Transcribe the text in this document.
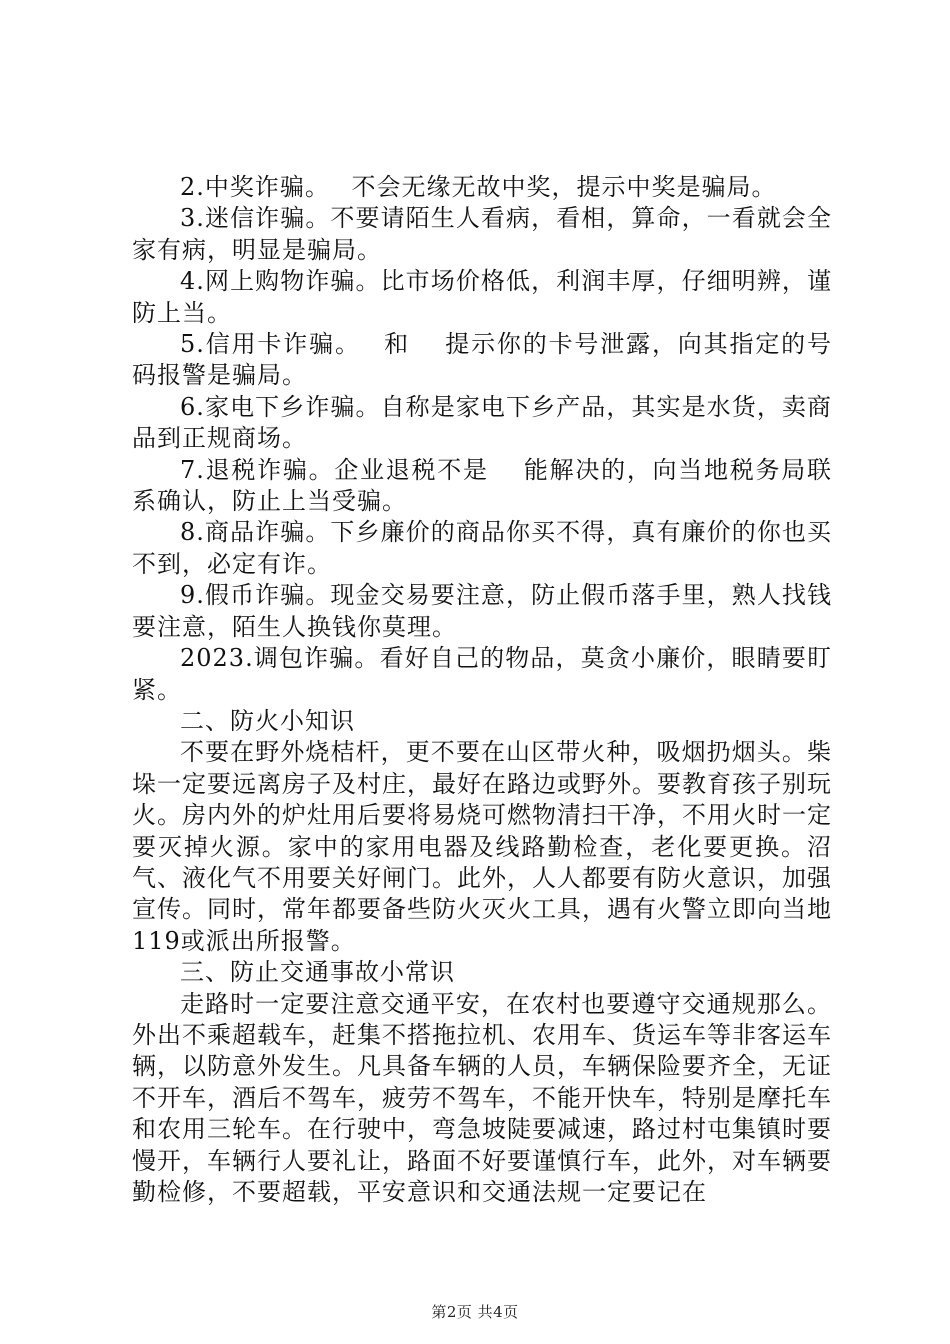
2.中奖诈骗。　 不会无缘无故中奖，提示中奖是骗局。

3.迷信诈骗。不要请陌生人看病，看相，算命，一看就会全家有病，明显是骗局。

4.网上购物诈骗。比市场价格低，利润丰厚，仔细明辨，谨防上当。

5.信用卡诈骗。　 和　 提示你的卡号泄露，向其指定的号码报警是骗局。

6.家电下乡诈骗。自称是家电下乡产品，其实是水货，卖商品到正规商场。

7.退税诈骗。企业退税不是　 能解决的，向当地税务局联系确认，防止上当受骗。

8.商品诈骗。下乡廉价的商品你买不得，真有廉价的你也买不到，必定有诈。

9.假币诈骗。现金交易要注意，防止假币落手里，熟人找钱要注意，陌生人换钱你莫理。

2023.调包诈骗。看好自己的物品，莫贪小廉价，眼睛要盯紧。

二、防火小知识

不要在野外烧桔杆，更不要在山区带火种，吸烟扔烟头。柴垛一定要远离房子及村庄，最好在路边或野外。要教育孩子别玩火。房内外的炉灶用后要将易烧可燃物清扫干净，不用火时一定要灭掉火源。家中的家用电器及线路勤检查，老化要更换。沼气、液化气不用要关好闸门。此外，人人都要有防火意识，加强宣传。同时，常年都要备些防火灭火工具，遇有火警立即向当地119或派出所报警。

三、防止交通事故小常识

走路时一定要注意交通平安，在农村也要遵守交通规那么。外出不乘超载车，赶集不搭拖拉机、农用车、货运车等非客运车辆，以防意外发生。凡具备车辆的人员，车辆保险要齐全，无证不开车，酒后不驾车，疲劳不驾车，不能开快车，特别是摩托车和农用三轮车。在行驶中，弯急坡陡要减速，路过村屯集镇时要慢开，车辆行人要礼让，路面不好要谨慎行车，此外，对车辆要勤检修，不要超载，平安意识和交通法规一定要记在

第2页 共4页
